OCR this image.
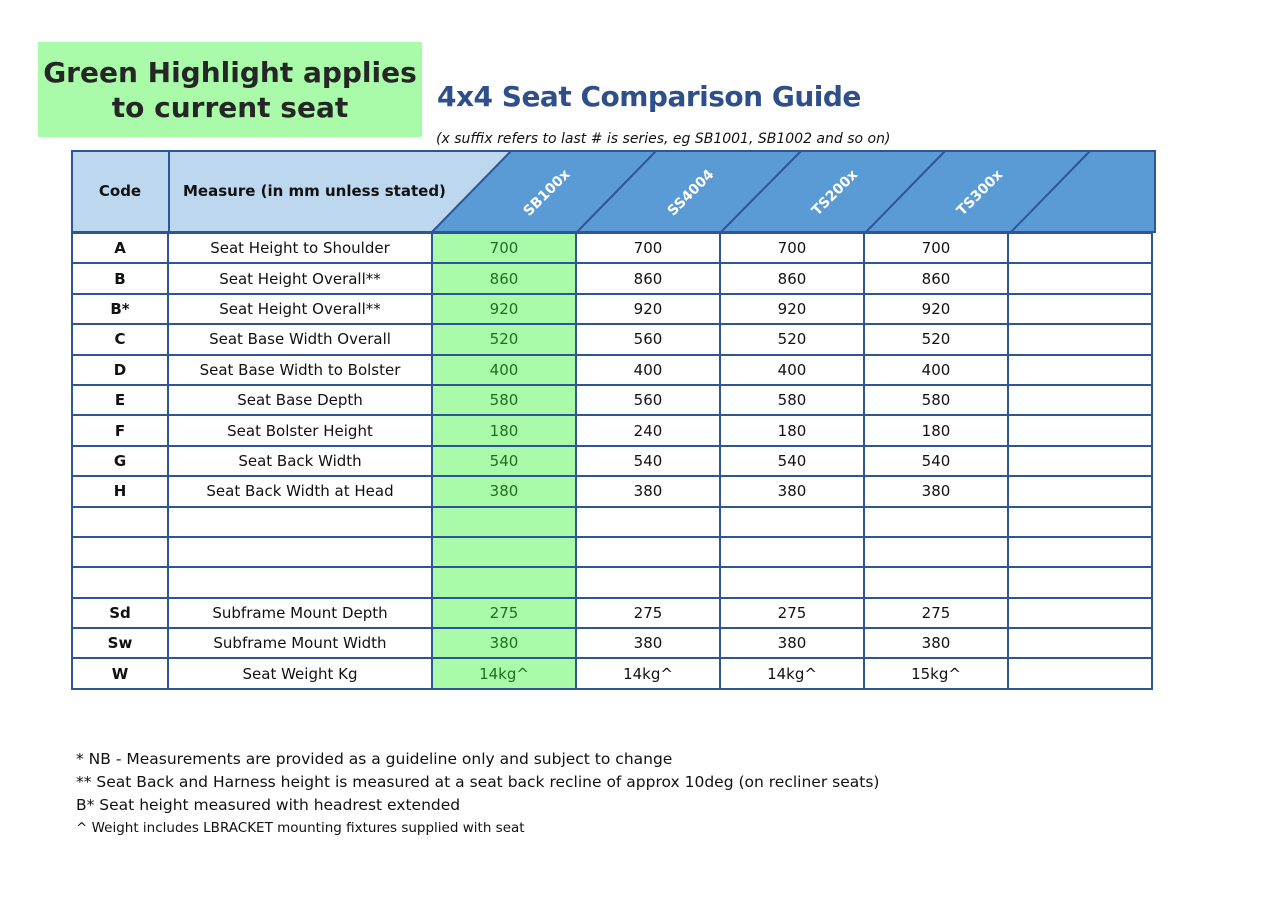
Green Highlight applies
to current seat	4x4 Seat Comparison Guide
(x suffix refers to last # is series, eg SB1001, SB1002 and so on)
Code	Measure (in mm unless stated)	SB100x	SS4004	TS200x	TS300x
A	Seat Height to Shoulder	700	700	700	700	
B	Seat Height Overall**	860	860	860	860	
B*	Seat Height Overall**	920	920	920	920	
C	Seat Base Width Overall	520	560	520	520	
D	Seat Base Width to Bolster	400	400	400	400	
E	Seat Base Depth	580	560	580	580	
F	Seat Bolster Height	180	240	180	180	
G	Seat Back Width	540	540	540	540	
H	Seat Back Width at Head	380	380	380	380	

Sd	Subframe Mount Depth	275	275	275	275	
Sw	Subframe Mount Width	380	380	380	380	
W	Seat Weight Kg	14kg^	14kg^	14kg^	15kg^	
* NB - Measurements are provided as a guideline only and subject to change
** Seat Back and Harness height is measured at a seat back recline of approx 10deg (on recliner seats)
B* Seat height measured with headrest extended
^ Weight includes LBRACKET mounting fixtures supplied with seat
